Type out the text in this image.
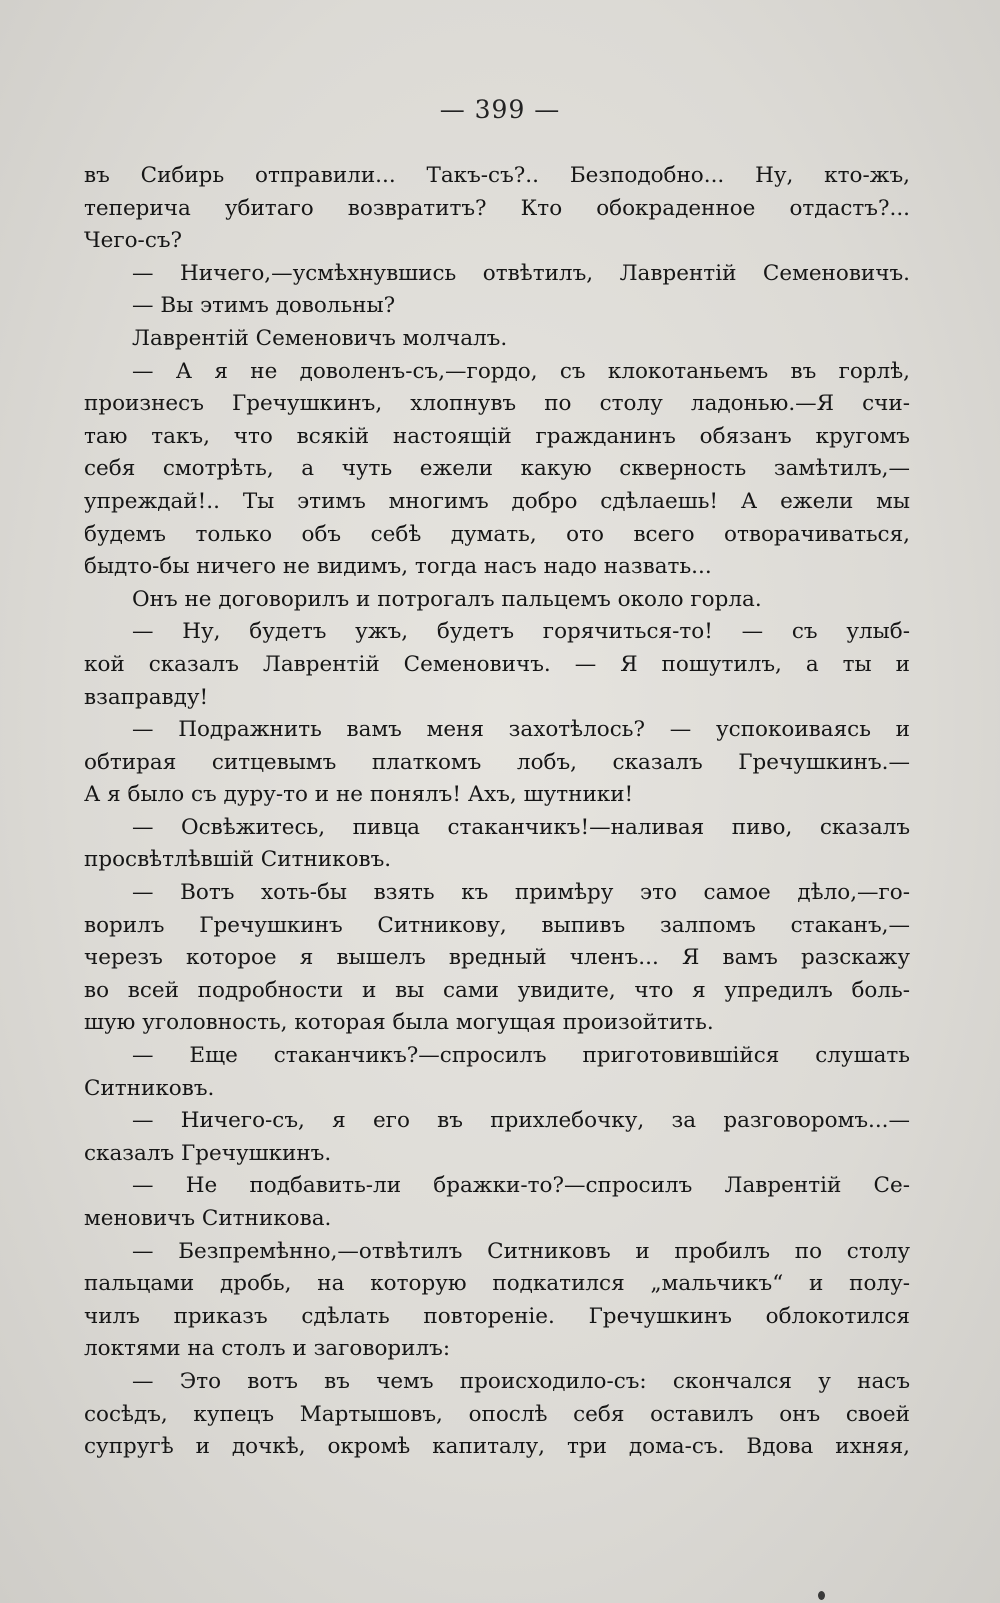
— 399 —
въ Сибирь отправили... Такъ-съ?.. Безподобно... Ну, кто-жъ,
теперича убитаго возвратитъ? Кто обокраденное отдастъ?...
Чего-съ?
— Ничего,—усмѣхнувшись отвѣтилъ, Лаврентій Семеновичъ.
— Вы этимъ довольны?
Лаврентій Семеновичъ молчалъ.
— А я не доволенъ-съ,—гордо, съ клокотаньемъ въ горлѣ,
произнесъ Гречушкинъ, хлопнувъ по столу ладонью.—Я счи-
таю такъ, что всякій настоящій гражданинъ обязанъ кругомъ
себя смотрѣть, а чуть ежели какую скверность замѣтилъ,—
упреждай!.. Ты этимъ многимъ добро сдѣлаешь! А ежели мы
будемъ только объ себѣ думать, ото всего отворачиваться,
быдто-бы ничего не видимъ, тогда насъ надо назвать...
Онъ не договорилъ и потрогалъ пальцемъ около горла.
— Ну, будетъ ужъ, будетъ горячиться-то! — съ улыб-
кой сказалъ Лаврентій Семеновичъ. — Я пошутилъ, а ты и
взаправду!
— Подражнить вамъ меня захотѣлось? — успокоиваясь и
обтирая ситцевымъ платкомъ лобъ, сказалъ Гречушкинъ.—
А я было съ дуру-то и не понялъ! Ахъ, шутники!
— Освѣжитесь, пивца стаканчикъ!—наливая пиво, сказалъ
просвѣтлѣвшій Ситниковъ.
— Вотъ хоть-бы взять къ примѣру это самое дѣло,—го-
ворилъ Гречушкинъ Ситникову, выпивъ залпомъ стаканъ,—
черезъ которое я вышелъ вредный членъ... Я вамъ разскажу
во всей подробности и вы сами увидите, что я упредилъ боль-
шую уголовность, которая была могущая произойтить.
— Еще стаканчикъ?—спросилъ приготовившійся слушать
Ситниковъ.
— Ничего-съ, я его въ прихлебочку, за разговоромъ...—
сказалъ Гречушкинъ.
— Не подбавить-ли бражки-то?—спросилъ Лаврентій Се-
меновичъ Ситникова.
— Безпремѣнно,—отвѣтилъ Ситниковъ и пробилъ по столу
пальцами дробь, на которую подкатился „мальчикъ“ и полу-
чилъ приказъ сдѣлать повтореніе. Гречушкинъ облокотился
локтями на столъ и заговорилъ:
— Это вотъ въ чемъ происходило-съ: скончался у насъ
сосѣдъ, купецъ Мартышовъ, опослѣ себя оставилъ онъ своей
супругѣ и дочкѣ, окромѣ капиталу, три дома-съ. Вдова ихняя,
